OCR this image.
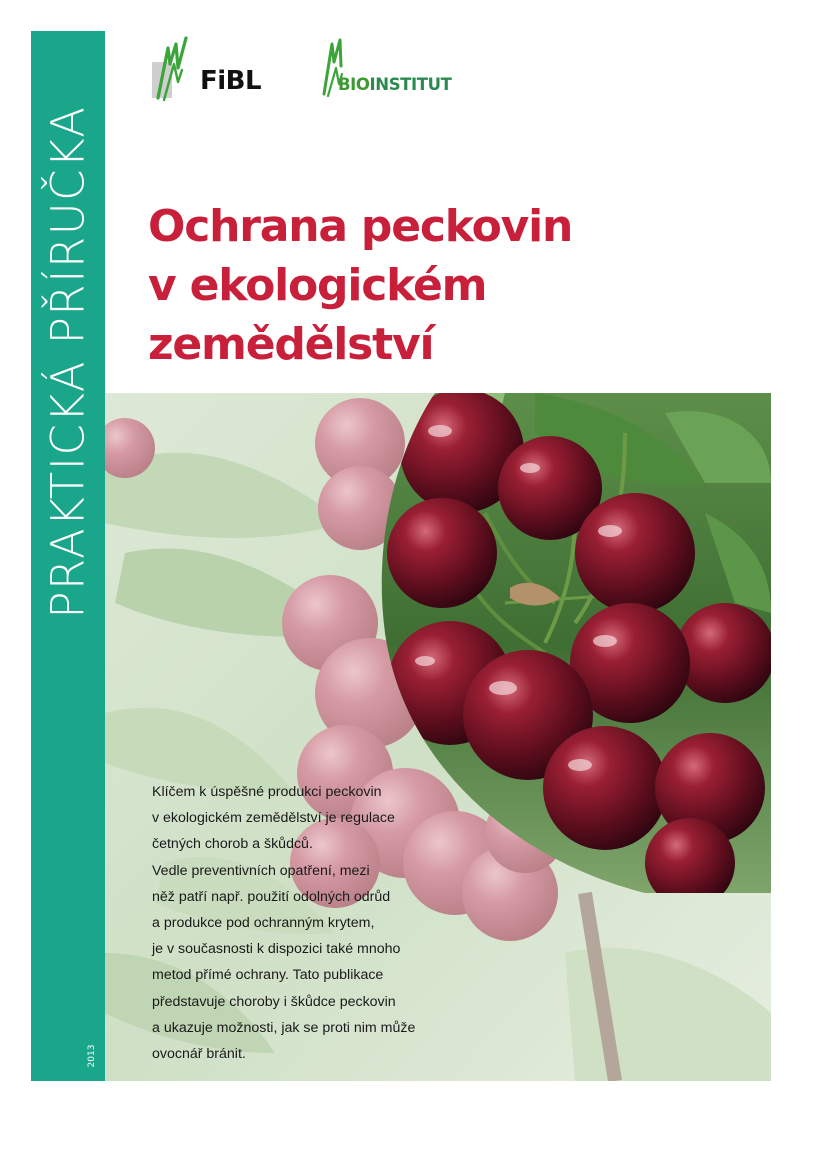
PRAKTICKÁ PŘÍRUČKA
2013
FiBL	BIOINSTITUT
Ochrana peckovin
v ekologickém
zemědělství
Klíčem k úspěšné produkci peckovin
v ekologickém zemědělství je regulace
četných chorob a škůdců.
Vedle preventivních opatření, mezi
něž patří např. použití odolných odrůd
a produkce pod ochranným krytem,
je v současnosti k dispozici také mnoho
metod přímé ochrany. Tato publikace
představuje choroby i škůdce peckovin
a ukazuje možnosti, jak se proti nim může
ovocnář bránit.
